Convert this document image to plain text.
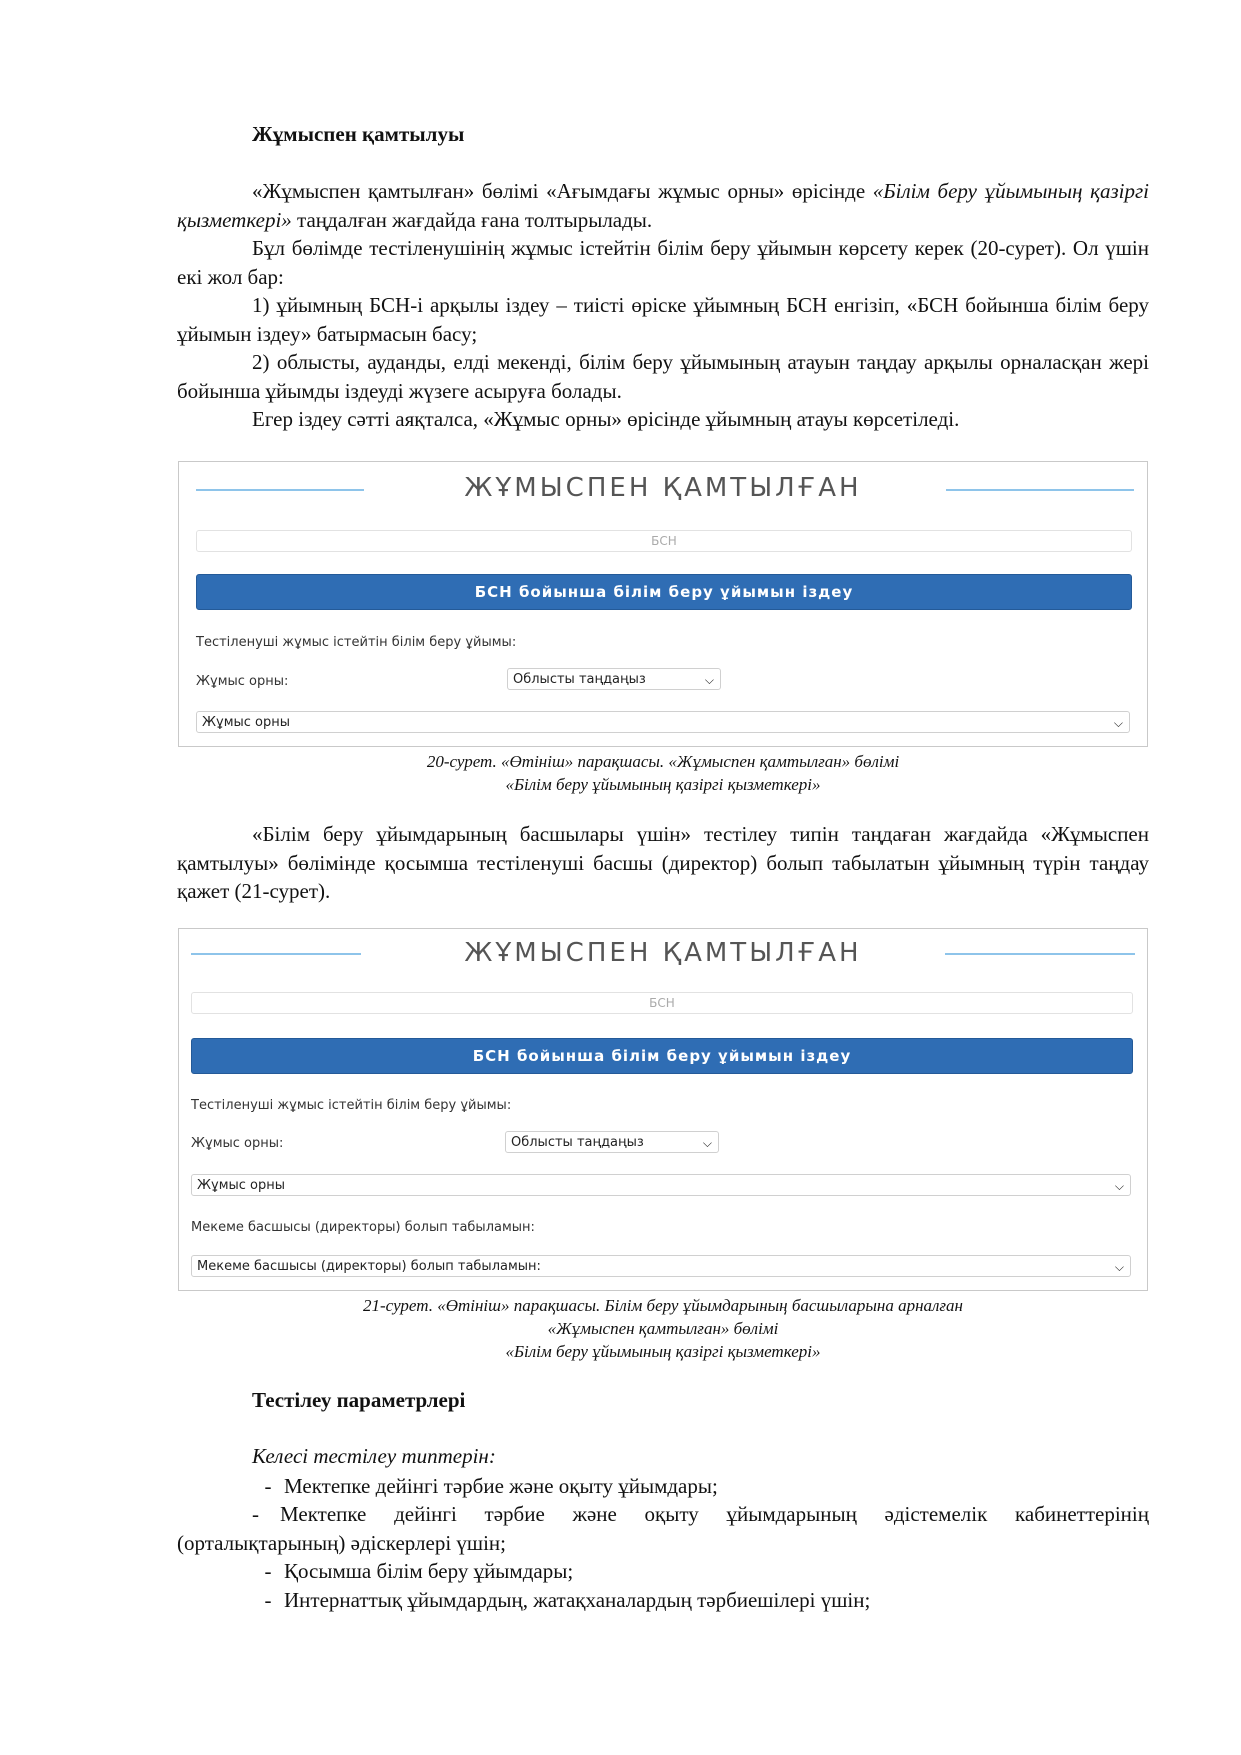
Жұмыспен қамтылуы
«Жұмыспен қамтылған» бөлімі «Ағымдағы жұмыс орны» өрісінде «Білім беру ұйымының қазіргі қызметкері» таңдалған жағдайда ғана толтырылады.
Бұл бөлімде тестіленушінің жұмыс істейтін білім беру ұйымын көрсету керек (20-сурет). Ол үшін екі жол бар:
1) ұйымның БСН-і арқылы іздеу – тиісті өріске ұйымның БСН енгізіп, «БСН бойынша білім беру ұйымын іздеу» батырмасын басу;
2) облысты, ауданды, елді мекенді, білім беру ұйымының атауын таңдау арқылы орналасқан жері бойынша ұйымды іздеуді жүзеге асыруға болады.
Егер іздеу сәтті аяқталса, «Жұмыс орны» өрісінде ұйымның атауы көрсетіледі.
ЖҰМЫСПЕН ҚАМТЫЛҒАН
БСН
БСН бойынша білім беру ұйымын іздеу
Тестіленуші жұмыс істейтін білім беру ұйымы:
Жұмыс орны:	Облысты таңдаңыз	⌵
Жұмыс орны	⌵
20-сурет. «Өтініш» парақшасы. «Жұмыспен қамтылған» бөлімі
«Білім беру ұйымының қазіргі қызметкері»
«Білім беру ұйымдарының басшылары үшін» тестілеу типін таңдаған жағдайда «Жұмыспен қамтылуы» бөлімінде қосымша тестіленуші басшы (директор) болып табылатын ұйымның түрін таңдау қажет (21-сурет).
ЖҰМЫСПЕН ҚАМТЫЛҒАН
БСН
БСН бойынша білім беру ұйымын іздеу
Тестіленуші жұмыс істейтін білім беру ұйымы:
Жұмыс орны:	Облысты таңдаңыз	⌵
Жұмыс орны	⌵
Мекеме басшысы (директоры) болып табыламын:
Мекеме басшысы (директоры) болып табыламын:	⌵
21-сурет. «Өтініш» парақшасы. Білім беру ұйымдарының басшыларына арналған
«Жұмыспен қамтылған» бөлімі
«Білім беру ұйымының қазіргі қызметкері»
Тестілеу параметрлері
Келесі тестілеу типтерін:
- Мектепке дейінгі тәрбие және оқыту ұйымдары;
- Мектепке дейінгі тәрбие және оқыту ұйымдарының әдістемелік кабинеттерінің (орталықтарының) әдіскерлері үшін;
- Қосымша білім беру ұйымдары;
- Интернаттық ұйымдардың, жатақханалардың тәрбиешілері үшін;
